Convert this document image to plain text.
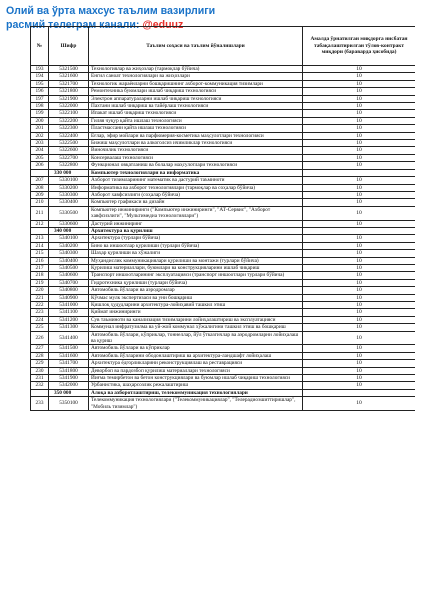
Олий ва ўрта махсус таълим вазирлиги
расмий телеграм канали: @eduuz
№	Шифр	Таълим соҳаси ва таълим йўналишлари	Амалда ўрнатилган миқдорга нисбатан табақалаштирилган тўлов-контракт миқдори (бараварда ҳисобида)
193	5321500	Технологиялар ва жиҳозлар (тармоқлар бўйича)	10
194	5321600	Енгил саноат технологиялари ва жиҳозлари	10
195	5321700	Технологик жараёнларни бошқаришнинг ахборот-коммуникация тизимлари	10
196	5321800	Ремонтехника буюмлари ишлаб чиқариш технологияси	10
197	5321900	Электрон аппаратураларни ишлаб чиқариш технологияси	10
198	5322000	Пахтани ишлаб чиқариш ва тайёрлаш технологияси	10
199	5322100	Ипакат ишлаб чиқариш технологияси	10
200	5322200	Гиляя чуқур қайта ишлаш технологияси	10
201	5322300	Пластмассани қайта ишлаш технологияси	10
202	5322400	Еғлар, эфир мойлари ва парфюмерия-косметика маҳсулотлари технологияси	10
203	5322500	Бижиш маҳсулотлари ва алкоголсиз ичимликлар технологияси	10
204	5322600	Виночилик технологияси	10
205	5322700	Консервалаш технологияси	10
206	5322800	Функционал овқатланиш ва болалар маҳсулотлари технологияси	10
	330 000	Компьютер технологиялари ва информатика	
207	5330100	Ахборот тизимларининг математик ва дастурий таъминоти	10
208	5330200	Информатика ва ахборот технологиялари (тармоқлар ва соҳалар бўйича)	10
209	5330300	Ахборот хавфсизлиги (соҳалар бўйича)	10
210	5330400	Компьютер графикаси ва дизайн	10
211	5330500	Компьютер инжиниринги ("Компьютер инжиниринги", "АТ-Сервис", "Ахборот хавфсизлиги", "Мультимедиа технологиялари")	10
212	5330600	Дастурий инжиниринг	10
	340 000	Архитектура ва қурилиш	
213	5340100	Архитектура (турлари бўйича)	10
214	5340200	Бино ва иншоотлар қурилиши (турлари бўйича)	10
215	5340300	Шаҳар қурилиши ва хўжалиги	10
216	5340400	Муҳандислик коммуникациялари қурилиши ва монтажи (турлари бўйича)	10
217	5340500	Қурилиш материаллари, буюмлари ва конструкцияларини ишлаб чиқариш	10
218	5340600	Транспорт иншоотларининг эксплуатацияси (транспорт иншоотлари турлари бўйича)	10
219	5340700	Гидротехника қурилиши (турлари бўйича)	10
220	5340800	Автомобиль йўллари ва аэродромлар	10
221	5340900	Кўчмас мулк экспертизаси ва уни бошқариш	10
222	5341000	Қишлоқ ҳудудларини архитектура-лойиҳавий ташкил этиш	10
223	5341100	Қиймат инжиниринги	10
224	5341200	Сув таъминоти ва канализация тизимларини лойиҳалаштириш ва эксплуатацияси	10
225	5341300	Коммунал инфратузилма ва уй-жой коммунал хўжалигини ташкил этиш ва бошқариш	10
226	5341400	Автомобиль йўллари, кўприклар, тоннеллар, йўл ўтказгичлар ва аэродромларни лойиҳалаш ва қуриш	10
227	5341500	Автомобиль йўллари ва кўприклар	10
228	5341600	Автомобиль йўлларини ободонлаштириш ва архитектура-ландшафт лойиҳалаш	10
229	5341700	Архитектура ёдгорликларини реконструкциялаш ва реставрацияси	10
230	5341800	Деворбоп ва пардозбоп қурилиш материаллари технологияси	10
231	5341900	Йиғма темирбетон ва бетон конструкциялари ва буюмлар ишлаб чиқариш технологияси	10
232	5342000	Урбанистика, шаҳарсозлик режалаштириш	10
	350 000	Алоқа ва ахборотлаштириш, телекоммуникация технологиялари	
233	5350100	Телекоммуникация технологиялари ("Телекоммуникациялар", "Телерадиоэшиттиришлар", "Мобиль тизимлар")	10
